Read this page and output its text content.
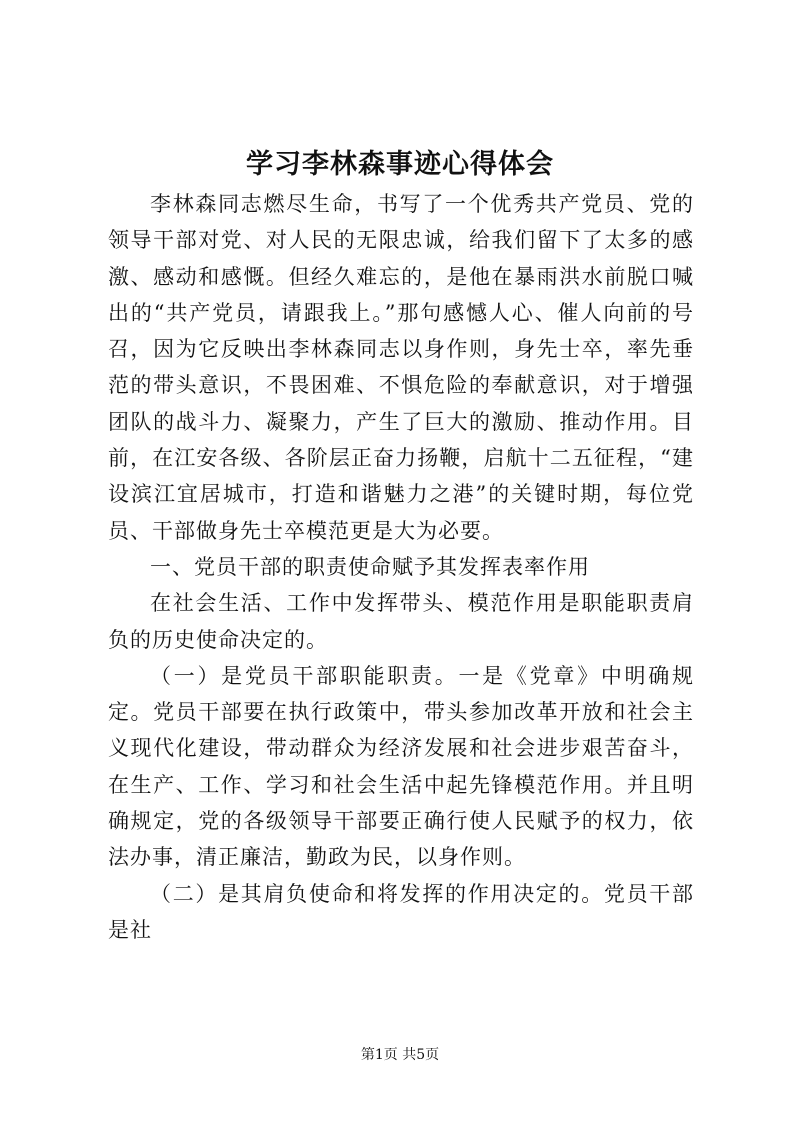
学习李林森事迹心得体会

李林森同志燃尽生命，书写了一个优秀共产党员、党的领导干部对党、对人民的无限忠诚，给我们留下了太多的感激、感动和感慨。但经久难忘的，是他在暴雨洪水前脱口喊出的“共产党员，请跟我上。”那句感憾人心、催人向前的号召，因为它反映出李林森同志以身作则，身先士卒，率先垂范的带头意识，不畏困难、不惧危险的奉献意识，对于增强团队的战斗力、凝聚力，产生了巨大的激励、推动作用。目前，在江安各级、各阶层正奋力扬鞭，启航十二五征程，“建设滨江宜居城市，打造和谐魅力之港”的关键时期，每位党员、干部做身先士卒模范更是大为必要。

一、党员干部的职责使命赋予其发挥表率作用

在社会生活、工作中发挥带头、模范作用是职能职责肩负的历史使命决定的。

（一）是党员干部职能职责。一是《党章》中明确规定。党员干部要在执行政策中，带头参加改革开放和社会主义现代化建设，带动群众为经济发展和社会进步艰苦奋斗，在生产、工作、学习和社会生活中起先锋模范作用。并且明确规定，党的各级领导干部要正确行使人民赋予的权力，依法办事，清正廉洁，勤政为民，以身作则。

（二）是其肩负使命和将发挥的作用决定的。党员干部是社

第1页 共5页
